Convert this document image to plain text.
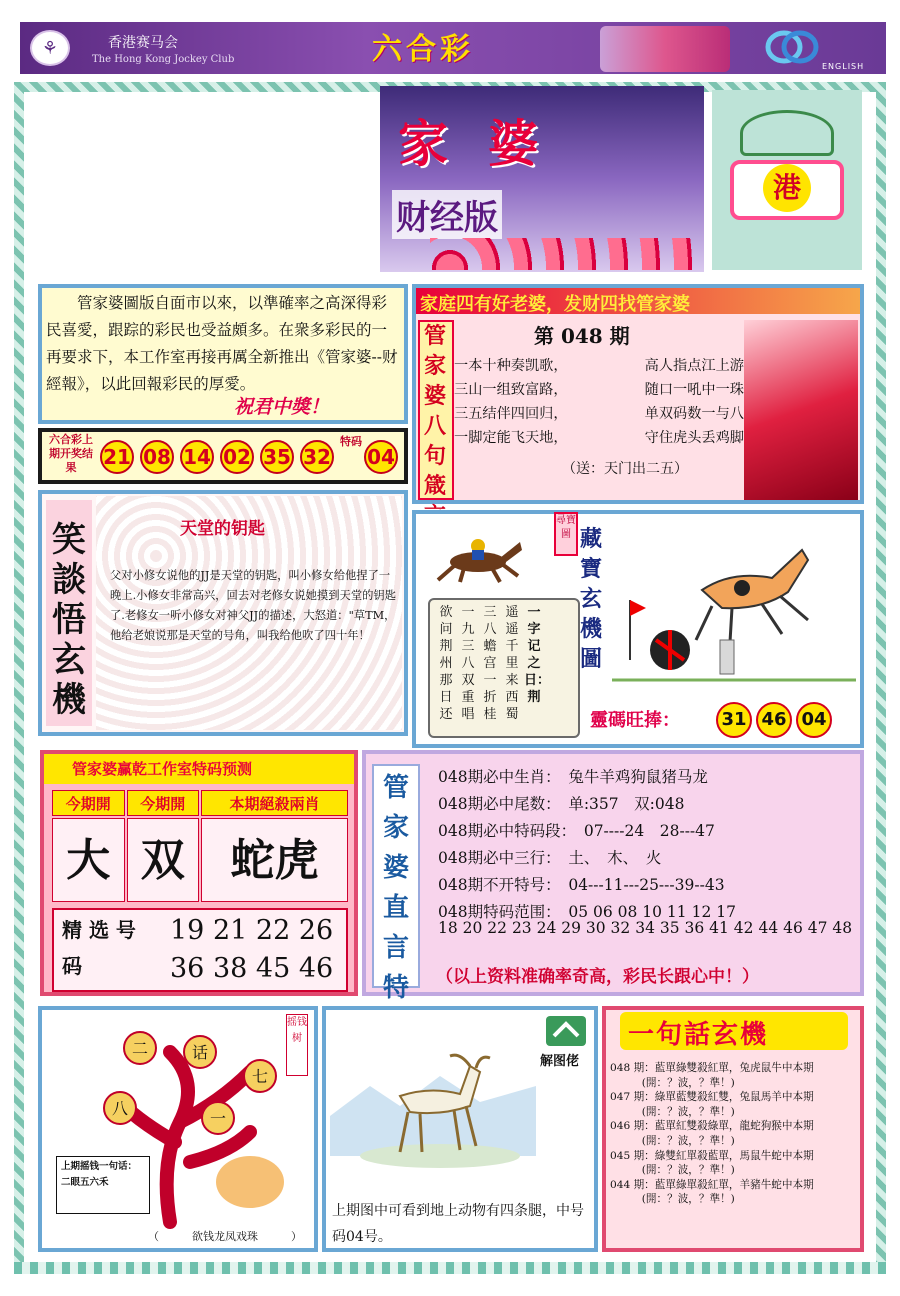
⚘	香港赛马会
The Hong Kong Jockey Club	六合彩	ENGLISH
家婆
财经版
港
管家婆圖版自面市以來，以準確率之高深得彩民喜愛，跟踪的彩民也受益頗多。在衆多彩民的一再要求下，本工作室再接再厲全新推出《管家婆--财經報》，以此回報彩民的厚愛。
祝君中獎！
六合彩上期开奖结果	21 08 14 02 35 32
特码
04
家庭四有好老婆，发财四找管家婆
管家婆八句箴
第 048 期
一本十种奏凯歌，	高人指点江上游
三山一组致富路，	随口一吼中一珠
三五结伴四回归，	单双码数一与八
一脚定能飞天地，	守住虎头丢鸡脚
（送：天门出二五）
笑談悟玄機
天堂的钥匙
父对小修女说他的JJ是天堂的钥匙，叫小修女给他捏了一晚上.小修女非常高兴，回去对老修女说她摸到天堂的钥匙了.老修女一听小修女对神父JJ的描述，大怒道："草TM，他给老娘说那是天堂的号角，叫我给他吹了四十年！
尋寶圖 藏寶玄機圖
一字记之日：荆
遥遥千里来西蜀
三八蟾宫一折桂
一九三八双重唱
欲问荆州那日还	靈碼旺捧：	31 46 04
管家婆赢乾工作室特码预测
今期開	今期開	本期絕殺兩肖
大 双	蛇虎
精 选 号 码
19 21 22 26
36 38 45 46
管家婆直言特
048期必中生肖：　兔牛羊鸡狗鼠猪马龙
048期必中尾数：　单:357　双:048
048期必中特码段：　07----24　28---47
048期必中三行：　土、　木、　火
048期不开特号：　04---11---25---39--43
048期特码范围：　05 06 08 10 11 12 17
18 20 22 23 24 29 30 32 34 35 36 41 42 44 46 47 48
（以上资料准确率奇高，彩民长跟心中！）
二	话
七
八
一
摇钱树
上期摇钱一句话：二眼五六禾
（　　　欲钱龙凤戏珠　　　）
解图佬
上期图中可看到地上动物有四条腿，中号码04号。
一句話玄機
048 期：藍單綠雙殺紅單，兔虎鼠牛中本期
　　　(開：？波，？準！)
047 期：綠單藍雙殺紅雙，兔鼠馬羊中本期
　　　(開：？波，？準！)
046 期：藍單紅雙殺綠單，龍蛇狗猴中本期
　　　(開：？波，？準！)
045 期：綠雙紅單殺藍單，馬鼠牛蛇中本期
　　　(開：？波，？準！)
044 期：藍單綠單殺紅單，羊豬牛蛇中本期
　　　(開：？波，？準！)
